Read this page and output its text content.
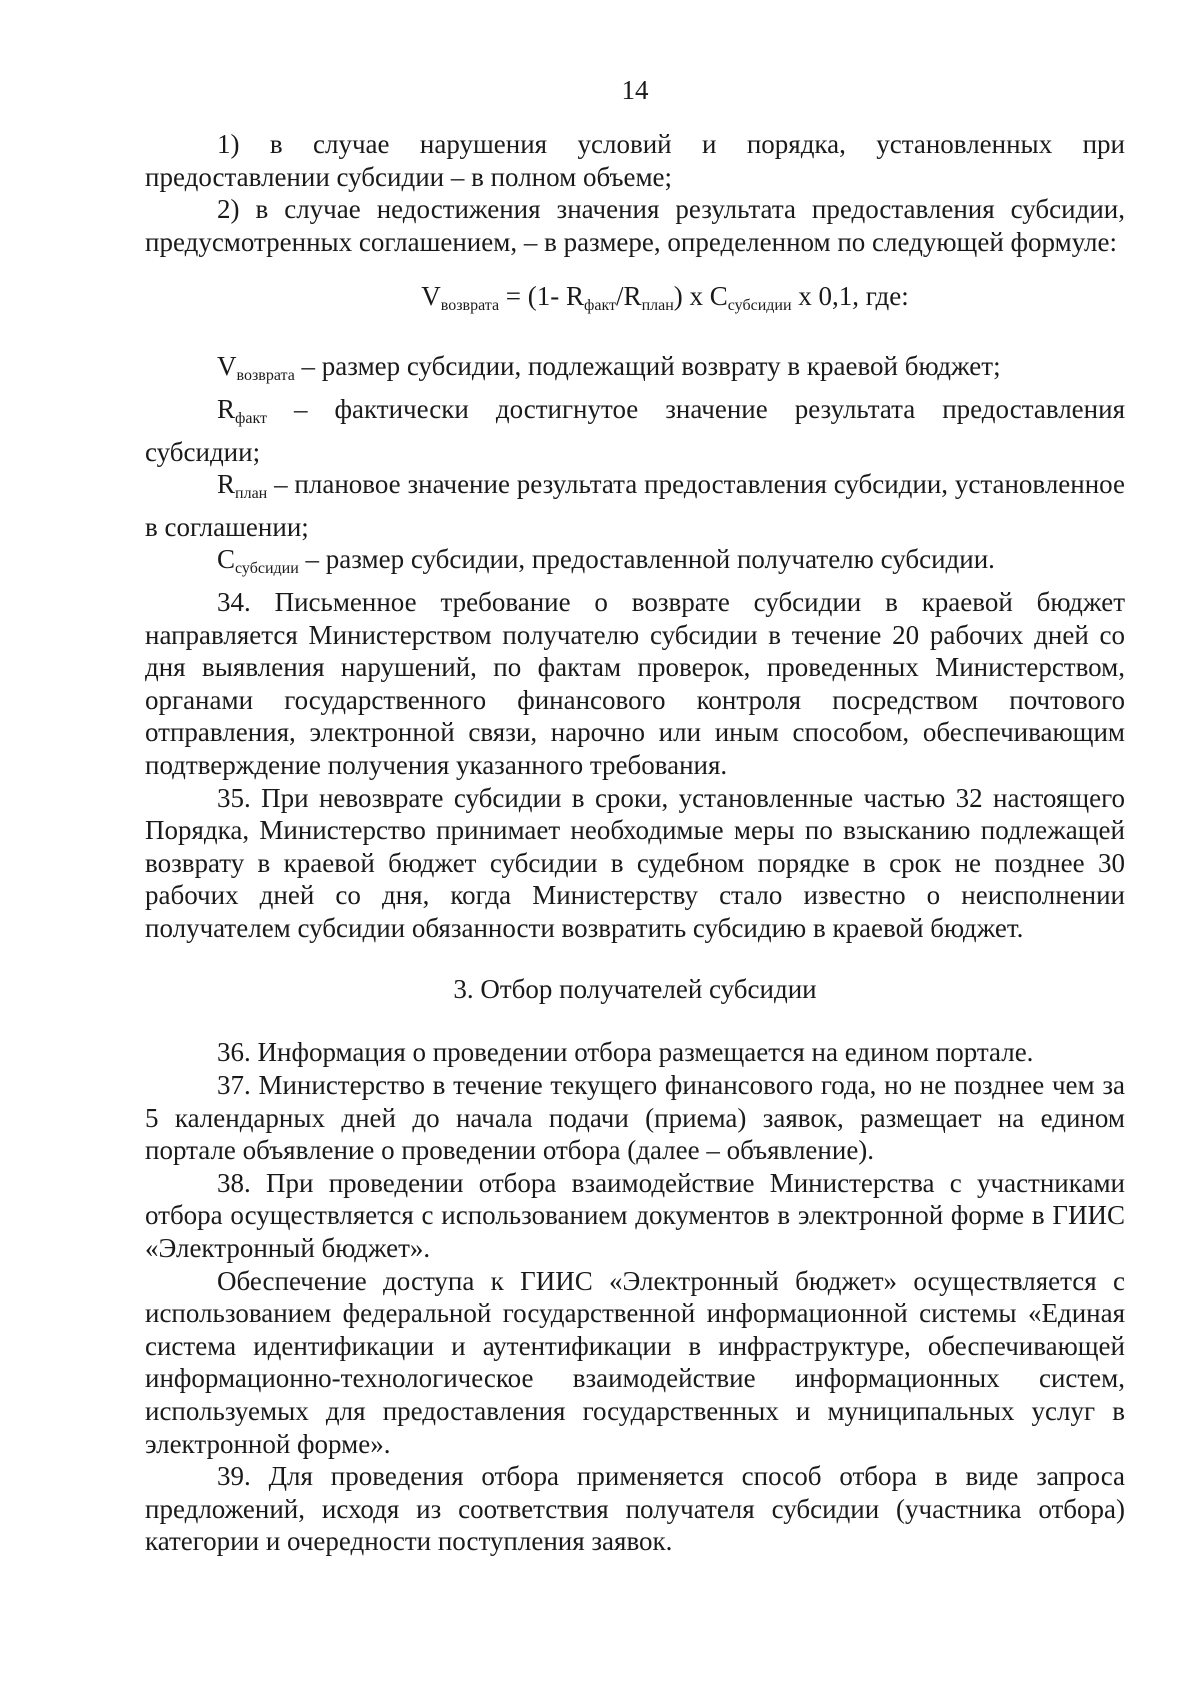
14

1) в случае нарушения условий и порядка, установленных при предоставлении субсидии – в полном объеме;

2) в случае недостижения значения результата предоставления субсидии, предусмотренных соглашением, – в размере, определенном по следующей формуле:

$V_{возврата} = (1-$ $R_{факт}/R_{план}$) x $C_{субсидии}$ x 0,1, где:

$V_{возврата}$ – размер субсидии, подлежащий возврату в краевой бюджет;

$R_{факт}$ – фактически достигнутое значение результата предоставления субсидии;

$R_{план}$ – плановое значение результата предоставления субсидии, установленное в соглашении;

$C_{субсидии}$ – размер субсидии, предоставленной получателю субсидии.

34. Письменное требование о возврате субсидии в краевой бюджет направляется Министерством получателю субсидии в течение 20 рабочих дней со дня выявления нарушений, по фактам проверок, проведенных Министерством, органами государственного финансового контроля посредством почтового отправления, электронной связи, нарочно или иным способом, обеспечивающим подтверждение получения указанного требования.

35. При невозврате субсидии в сроки, установленные частью 32 настоящего Порядка, Министерство принимает необходимые меры по взысканию подлежащей возврату в краевой бюджет субсидии в судебном порядке в срок не позднее 30 рабочих дней со дня, когда Министерству стало известно о неисполнении получателем субсидии обязанности возвратить субсидию в краевой бюджет.

3. Отбор получателей субсидии

36. Информация о проведении отбора размещается на едином портале.

37. Министерство в течение текущего финансового года, но не позднее чем за 5 календарных дней до начала подачи (приема) заявок, размещает на едином портале объявление о проведении отбора (далее – объявление).

38. При проведении отбора взаимодействие Министерства с участниками отбора осуществляется с использованием документов в электронной форме в ГИИС «Электронный бюджет».

Обеспечение доступа к ГИИС «Электронный бюджет» осуществляется с использованием федеральной государственной информационной системы «Единая система идентификации и аутентификации в инфраструктуре, обеспечивающей информационно-технологическое взаимодействие информационных систем, используемых для предоставления государственных и муниципальных услуг в электронной форме».

39. Для проведения отбора применяется способ отбора в виде запроса предложений, исходя из соответствия получателя субсидии (участника отбора) категории и очередности поступления заявок.
